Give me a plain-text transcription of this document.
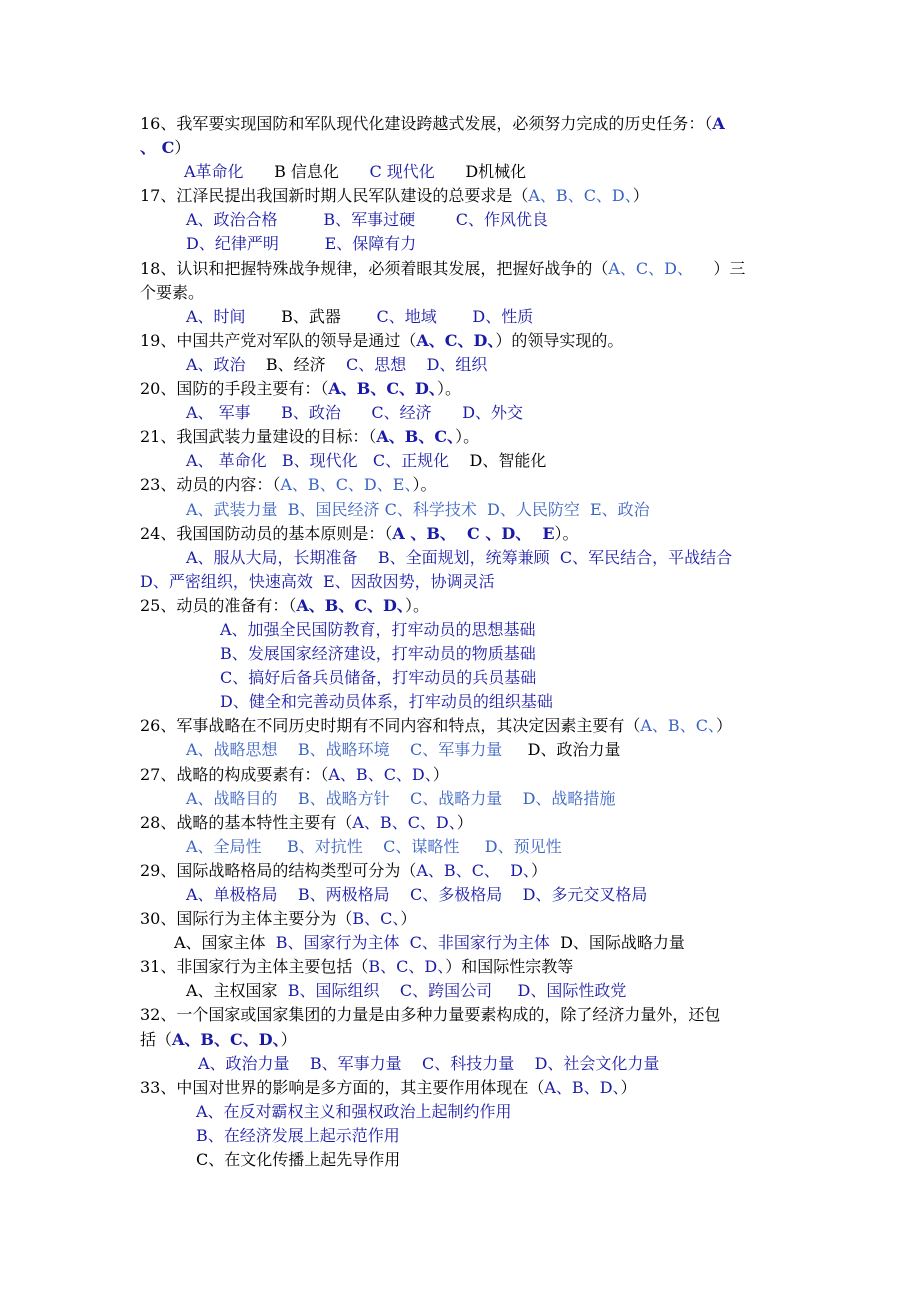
16、我军要实现国防和军队现代化建设跨越式发展，必须努力完成的历史任务：（A
、 C）
A革命化      B 信息化      C 现代化      D机械化
17、江泽民提出我国新时期人民军队建设的总要求是（A、B、C、D、）
A、政治合格         B、军事过硬        C、作风优良
D、纪律严明         E、保障有力
18、认识和把握特殊战争规律，必须着眼其发展，把握好战争的（A、C、D、    ）三
个要素。
A、时间       B、武器       C、地域       D、性质
19、中国共产党对军队的领导是通过（A、C、D、）的领导实现的。
A、政治    B、经济    C、思想    D、组织
20、国防的手段主要有：（A、B、C、D、）。
A、 军事      B、政治      C、经济      D、外交
21、我国武装力量建设的目标：（A、B、C、）。
A、 革命化   B、现代化   C、正规化    D、智能化
23、动员的内容：（A、B、C、D、E、）。
A、武装力量  B、国民经济 C、科学技术  D、人民防空  E、政治
24、我国国防动员的基本原则是：（A 、B、  C 、D、  E）。
A、服从大局，长期准备    B、全面规划，统筹兼顾  C、军民结合，平战结合
D、严密组织，快速高效  E、因敌因势，协调灵活
25、动员的准备有：（A、B、C、D、）。
A、加强全民国防教育，打牢动员的思想基础
B、发展国家经济建设，打牢动员的物质基础
C、搞好后备兵员储备，打牢动员的兵员基础
D、健全和完善动员体系，打牢动员的组织基础
26、军事战略在不同历史时期有不同内容和特点，其决定因素主要有（A、B、C、）
A、战略思想    B、战略环境    C、军事力量     D、政治力量
27、战略的构成要素有：（A、B、C、D、）
A、战略目的    B、战略方针    C、战略力量    D、战略措施
28、战略的基本特性主要有（A、B、C、D、）
A、全局性     B、对抗性    C、谋略性     D、预见性
29、国际战略格局的结构类型可分为（A、B、C、  D、）
A、单极格局    B、两极格局    C、多极格局    D、多元交叉格局
30、国际行为主体主要分为（B、C、）
A、国家主体  B、国家行为主体  C、非国家行为主体  D、国际战略力量
31、非国家行为主体主要包括（B、C、D、）和国际性宗教等
A、主权国家  B、国际组织    C、跨国公司     D、国际性政党
32、一个国家或国家集团的力量是由多种力量要素构成的，除了经济力量外，还包
括（A、B、C、D、）
A、政治力量    B、军事力量    C、科技力量    D、社会文化力量
33、中国对世界的影响是多方面的，其主要作用体现在（A、B、D、）
A、在反对霸权主义和强权政治上起制约作用
B、在经济发展上起示范作用
C、在文化传播上起先导作用
